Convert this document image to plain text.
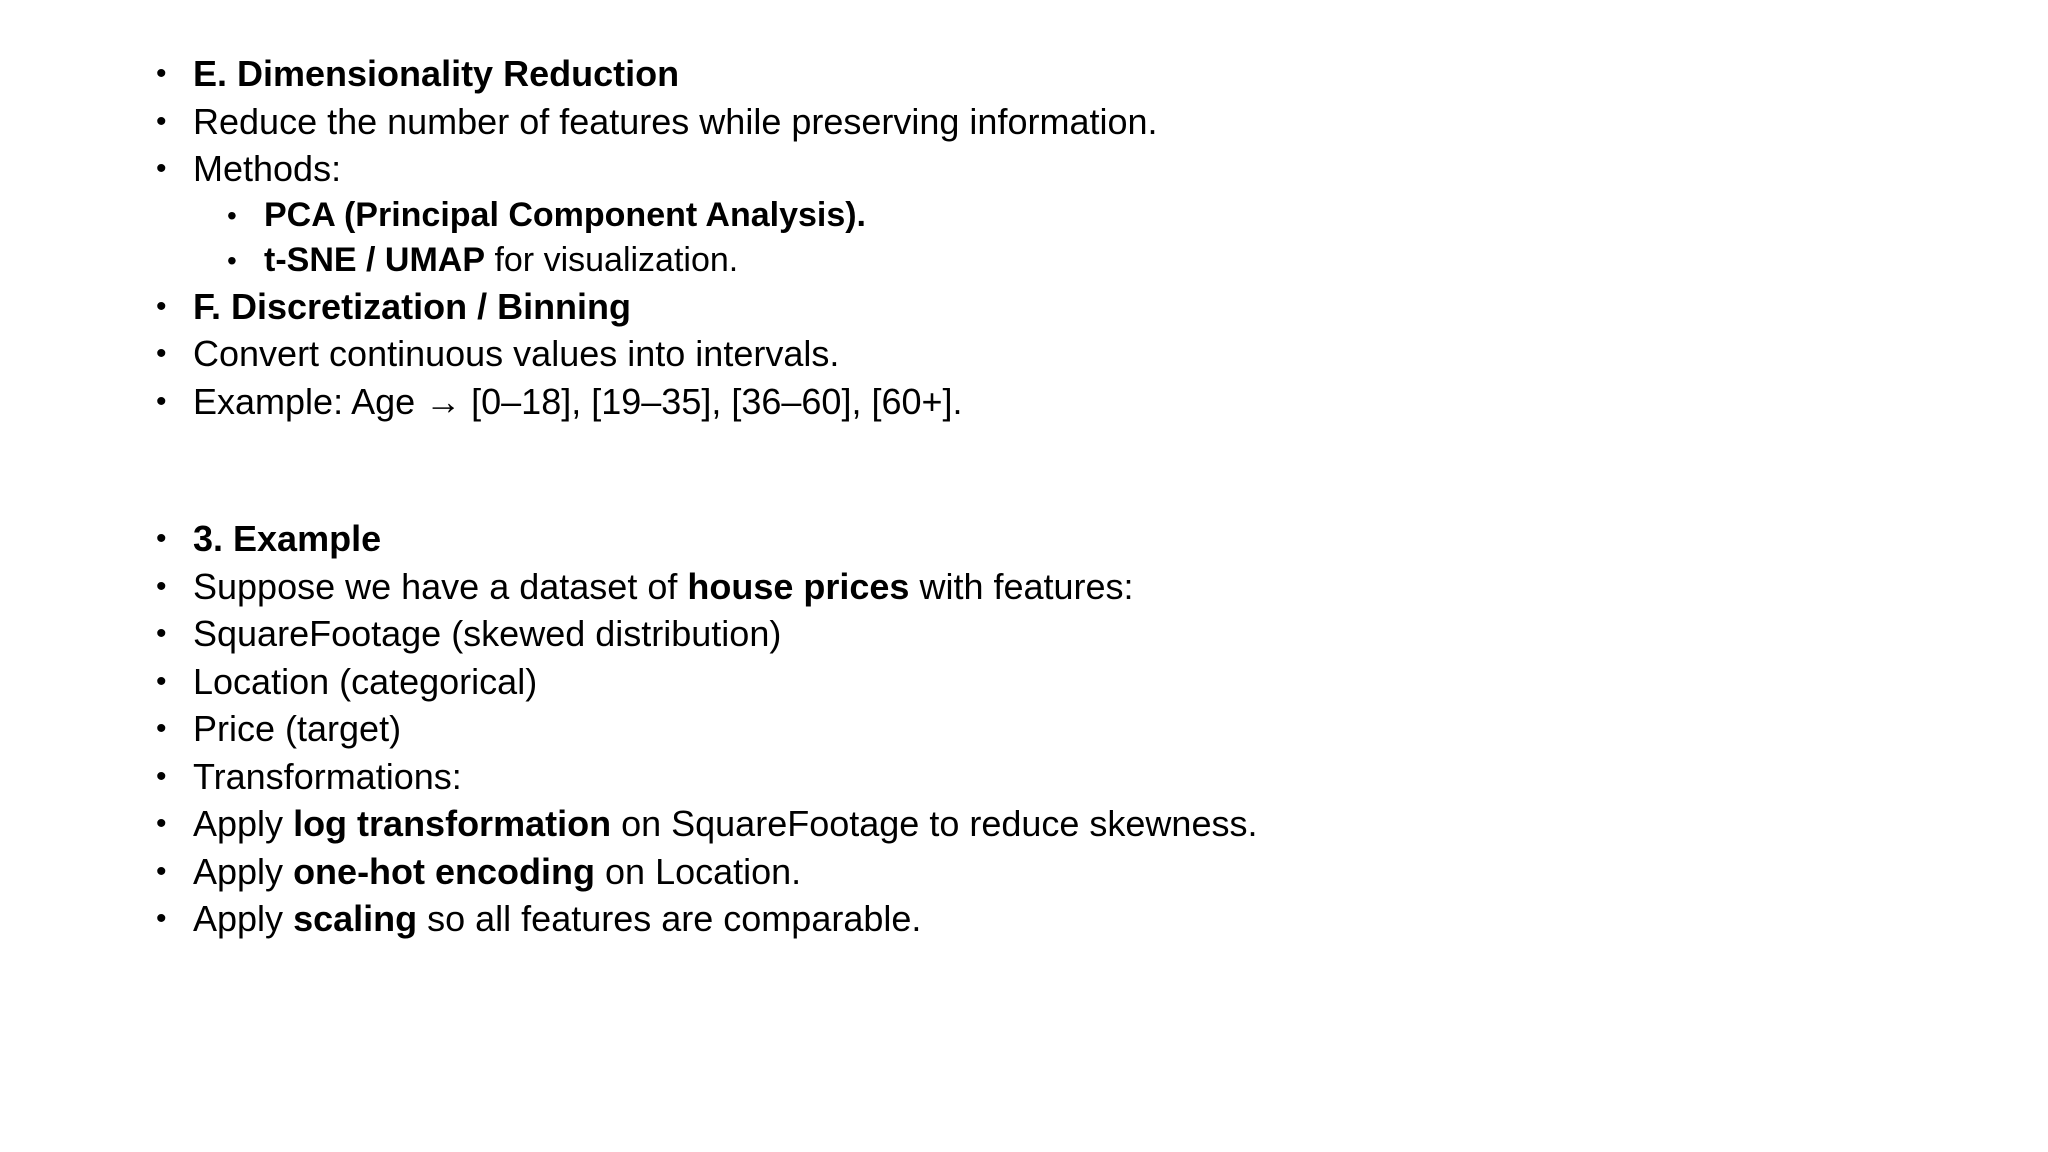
• E. Dimensionality Reduction
• Reduce the number of features while preserving information.
• Methods:
• PCA (Principal Component Analysis).
• t-SNE / UMAP for visualization.
• F. Discretization / Binning
• Convert continuous values into intervals.
• Example: Age → [0–18], [19–35], [36–60], [60+].
• 3. Example
• Suppose we have a dataset of house prices with features:
• SquareFootage (skewed distribution)
• Location (categorical)
• Price (target)
• Transformations:
• Apply log transformation on SquareFootage to reduce skewness.
• Apply one-hot encoding on Location.
• Apply scaling so all features are comparable.
